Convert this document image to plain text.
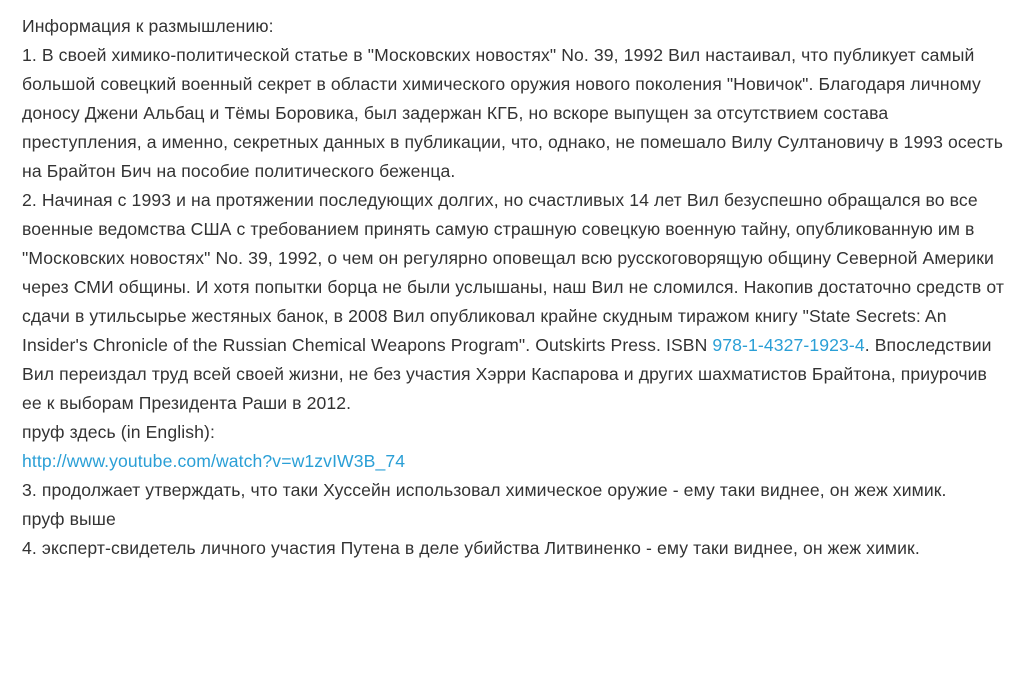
Информация к размышлению:
1. В своей химико-политической статье в "Московских новостях" No. 39, 1992 Вил настаивал, что публикует самый большой совецкий военный секрет в области химического оружия нового поколения "Новичок". Благодаря личному доносу Джени Альбац и Тёмы Боровика, был задержан КГБ, но вскоре выпущен за отсутствием состава преступления, а именно, секретных данных в публикации, что, однако, не помешало Вилу Султановичу в 1993 осесть на Брайтон Бич на пособие политического беженца.
2. Начиная с 1993 и на протяжении последующих долгих, но счастливых 14 лет Вил безуспешно обращался во все военные ведомства США с требованием принять самую страшную совецкую военную тайну, опубликованную им в "Московских новостях" No. 39, 1992, о чем он регулярно оповещал всю русскоговорящую общину Северной Америки через СМИ общины. И хотя попытки борца не были услышаны, наш Вил не сломился. Накопив достаточно средств от сдачи в утильсырье жестяных банок, в 2008 Вил опубликовал крайне скудным тиражом книгу "State Secrets: An Insider's Chronicle of the Russian Chemical Weapons Program". Outskirts Press. ISBN 978-1-4327-1923-4. Впоследствии Вил переиздал труд всей своей жизни, не без участия Хэрри Каспарова и других шахматистов Брайтона, приурочив ее к выборам Президента Раши в 2012.
пруф здесь (in English):
http://www.youtube.com/watch?v=w1zvIW3B_74
3. продолжает утверждать, что таки Хуссейн использовал химическое оружие - ему таки виднее, он жеж химик.
пруф выше
4. эксперт-свидетель личного участия Путена в деле убийства Литвиненко - ему таки виднее, он жеж химик.
